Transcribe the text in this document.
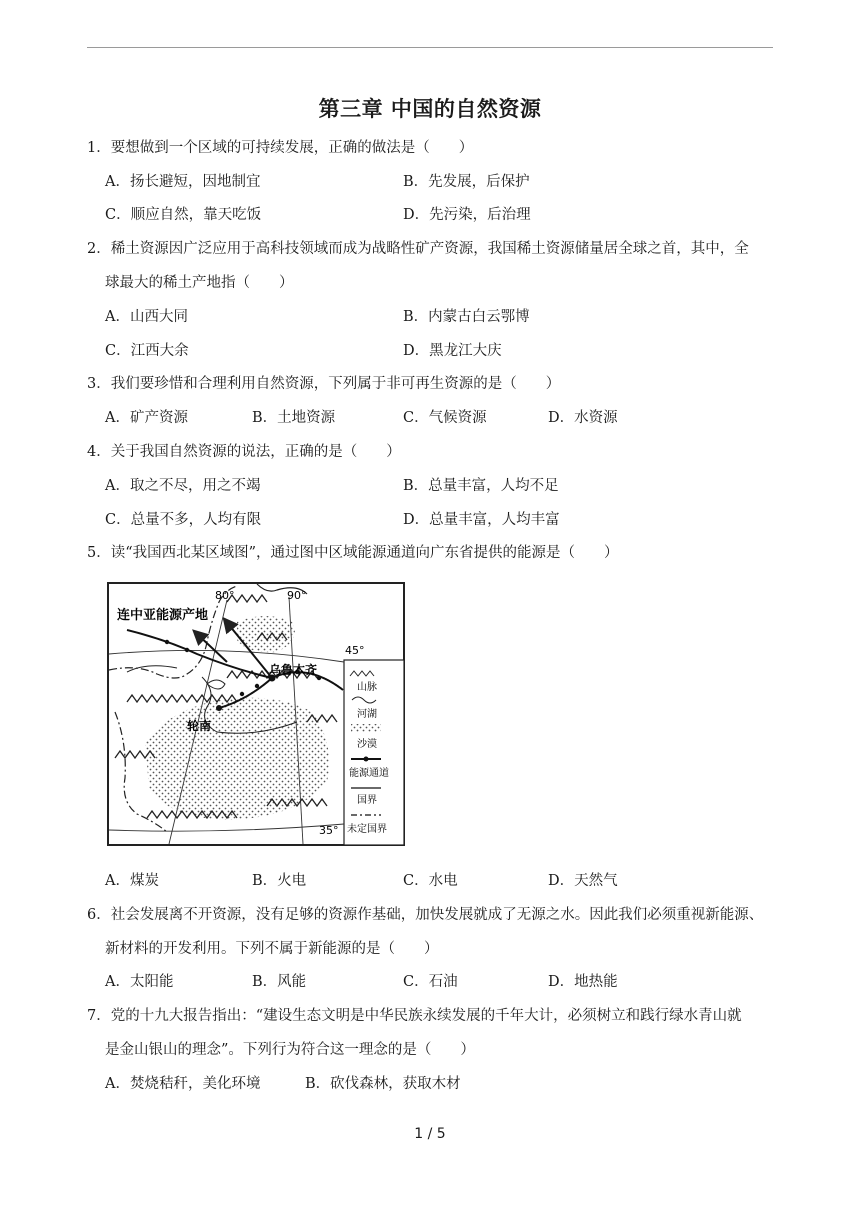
第三章 中国的自然资源
1．要想做到一个区域的可持续发展，正确的做法是（　　）
A．扬长避短，因地制宜	B．先发展，后保护
C．顺应自然，靠天吃饭	D．先污染，后治理
2．稀土资源因广泛应用于高科技领域而成为战略性矿产资源，我国稀土资源储量居全球之首，其中，全
球最大的稀土产地指（　　）
A．山西大同	B．内蒙古白云鄂博
C．江西大余	D．黑龙江大庆
3．我们要珍惜和合理利用自然资源，下列属于非可再生资源的是（　　）
A．矿产资源	B．土地资源	C．气候资源	D．水资源
4．关于我国自然资源的说法，正确的是（　　）
A．取之不尽，用之不竭	B．总量丰富，人均不足
C．总量不多，人均有限	D．总量丰富，人均丰富
5．读“我国西北某区域图”，通过图中区域能源通道向广东省提供的能源是（　　）
80°	90°
45°
35°
连中亚能源产地
乌鲁木齐
轮南
山脉
河湖
沙漠
能源通道
国界
未定国界
A．煤炭	B．火电	C．水电	D．天然气
6．社会发展离不开资源，没有足够的资源作基础，加快发展就成了无源之水。因此我们必须重视新能源、
新材料的开发利用。下列不属于新能源的是（　　）
A．太阳能	B．风能	C．石油	D．地热能
7．党的十九大报告指出：“建设生态文明是中华民族永续发展的千年大计，必须树立和践行绿水青山就
是金山银山的理念”。下列行为符合这一理念的是（　　）
A．焚烧秸秆，美化环境	B．砍伐森林，获取木材
1 / 5
